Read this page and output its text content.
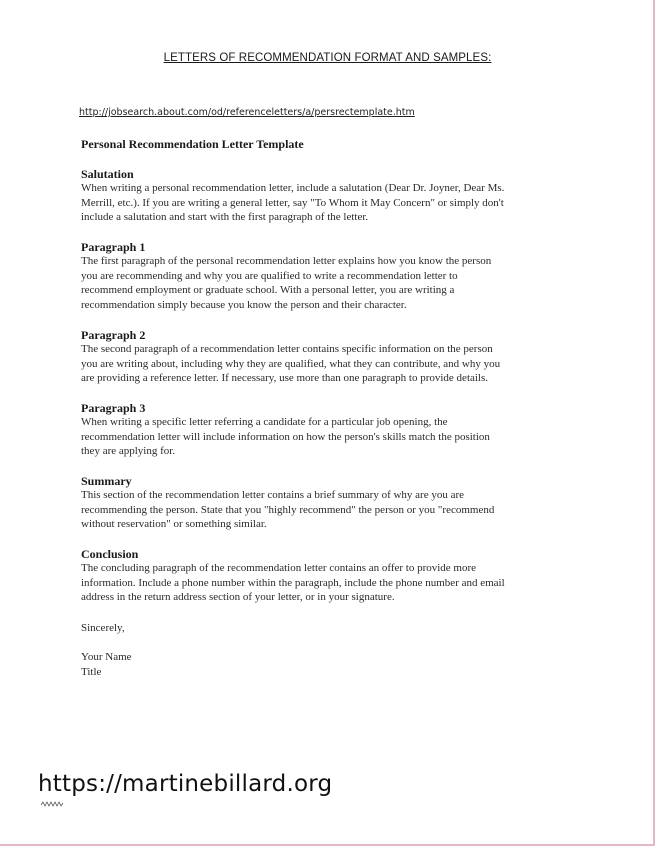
LETTERS OF RECOMMENDATION FORMAT AND SAMPLES:
http://jobsearch.about.com/od/referenceletters/a/persrectemplate.htm
Personal Recommendation Letter Template
Salutation

When writing a personal recommendation letter, include a salutation (Dear Dr. Joyner, Dear Ms.

Merrill, etc.). If you are writing a general letter, say "To Whom it May Concern" or simply don't

include a salutation and start with the first paragraph of the letter.

Paragraph 1

The first paragraph of the personal recommendation letter explains how you know the person

you are recommending and why you are qualified to write a recommendation letter to

recommend employment or graduate school. With a personal letter, you are writing a

recommendation simply because you know the person and their character.

Paragraph 2

The second paragraph of a recommendation letter contains specific information on the person

you are writing about, including why they are qualified, what they can contribute, and why you

are providing a reference letter. If necessary, use more than one paragraph to provide details.

Paragraph 3

When writing a specific letter referring a candidate for a particular job opening, the

recommendation letter will include information on how the person's skills match the position

they are applying for.

Summary

This section of the recommendation letter contains a brief summary of why are you are

recommending the person. State that you "highly recommend" the person or you "recommend

without reservation" or something similar.

Conclusion

The concluding paragraph of the recommendation letter contains an offer to provide more

information. Include a phone number within the paragraph, include the phone number and email

address in the return address section of your letter, or in your signature.

Sincerely,
Your Name
Title
https://martinebillard.org
